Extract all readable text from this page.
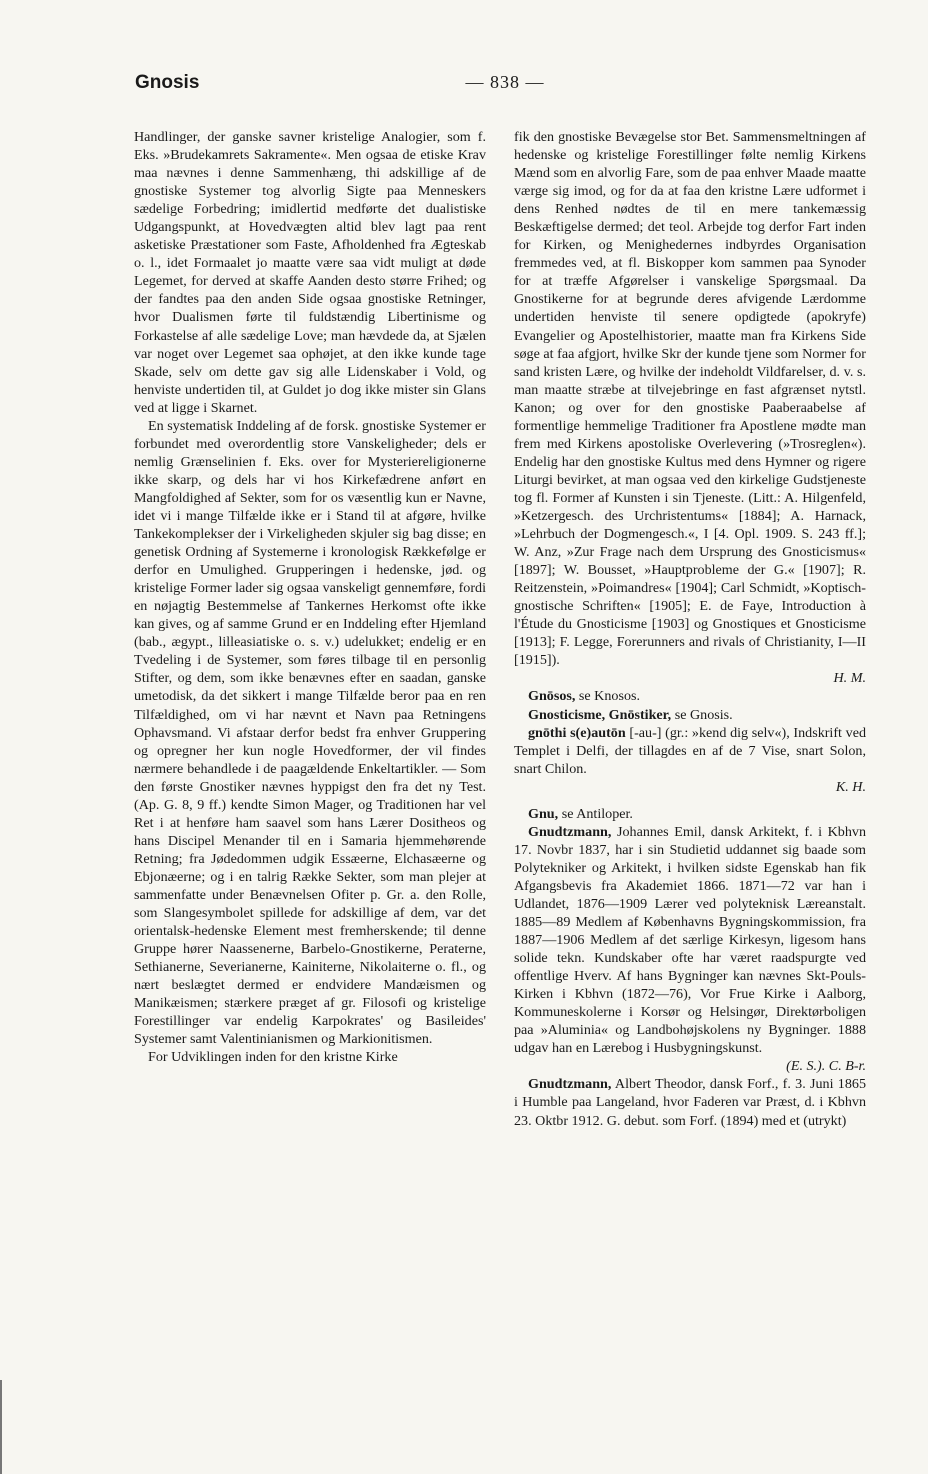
Gnosis	— 838 —

Handlinger, der ganske savner kristelige Analogier, som f. Eks. »Brudekamrets Sakramente«. Men ogsaa de etiske Krav maa nævnes i denne Sammenhæng, thi adskillige af de gnostiske Systemer tog alvorlig Sigte paa Menneskers sædelige Forbedring; imidlertid medførte det dualistiske Udgangspunkt, at Hovedvægten altid blev lagt paa rent asketiske Præstationer som Faste, Afholdenhed fra Ægteskab o. l., idet Formaalet jo maatte være saa vidt muligt at døde Legemet, for derved at skaffe Aanden desto større Frihed; og der fandtes paa den anden Side ogsaa gnostiske Retninger, hvor Dualismen førte til fuldstændig Libertinisme og Forkastelse af alle sædelige Love; man hævdede da, at Sjælen var noget over Legemet saa ophøjet, at den ikke kunde tage Skade, selv om dette gav sig alle Lidenskaber i Vold, og henviste undertiden til, at Guldet jo dog ikke mister sin Glans ved at ligge i Skarnet.

En systematisk Inddeling af de forsk. gnostiske Systemer er forbundet med overordentlig store Vanskeligheder; dels er nemlig Grænselinien f. Eks. over for Mysteriereligionerne ikke skarp, og dels har vi hos Kirkefædrene anført en Mangfoldighed af Sekter, som for os væsentlig kun er Navne, idet vi i mange Tilfælde ikke er i Stand til at afgøre, hvilke Tankekomplekser der i Virkeligheden skjuler sig bag disse; en genetisk Ordning af Systemerne i kronologisk Rækkefølge er derfor en Umulighed. Grupperingen i hedenske, jød. og kristelige Former lader sig ogsaa vanskeligt gennemføre, fordi en nøjagtig Bestemmelse af Tankernes Herkomst ofte ikke kan gives, og af samme Grund er en Inddeling efter Hjemland (bab., ægypt., lilleasiatiske o. s. v.) udelukket; endelig er en Tvedeling i de Systemer, som føres tilbage til en personlig Stifter, og dem, som ikke benævnes efter en saadan, ganske umetodisk, da det sikkert i mange Tilfælde beror paa en ren Tilfældighed, om vi har nævnt et Navn paa Retningens Ophavsmand. Vi afstaar derfor bedst fra enhver Gruppering og opregner her kun nogle Hovedformer, der vil findes nærmere behandlede i de paagældende Enkeltartikler. — Som den første Gnostiker nævnes hyppigst den fra det ny Test. (Ap. G. 8, 9 ff.) kendte Simon Mager, og Traditionen har vel Ret i at henføre ham saavel som hans Lærer Dositheos og hans Discipel Menander til en i Samaria hjemmehørende Retning; fra Jødedommen udgik Essæerne, Elchasæerne og Ebjonæerne; og i en talrig Række Sekter, som man plejer at sammenfatte under Benævnelsen Ofiter p. Gr. a. den Rolle, som Slangesymbolet spillede for adskillige af dem, var det orientalsk-hedenske Element mest fremherskende; til denne Gruppe hører Naassenerne, Barbelo-Gnostikerne, Peraterne, Sethianerne, Severianerne, Kainiterne, Nikolaiterne o. fl., og nært beslægtet dermed er endvidere Mandæismen og Manikæismen; stærkere præget af gr. Filosofi og kristelige Forestillinger var endelig Karpokrates' og Basileides' Systemer samt Valentinianismen og Markionitismen.

For Udviklingen inden for den kristne Kirke

fik den gnostiske Bevægelse stor Bet. Sammensmeltningen af hedenske og kristelige Forestillinger følte nemlig Kirkens Mænd som en alvorlig Fare, som de paa enhver Maade maatte værge sig imod, og for da at faa den kristne Lære udformet i dens Renhed nødtes de til en mere tankemæssig Beskæftigelse dermed; det teol. Arbejde tog derfor Fart inden for Kirken, og Menighedernes indbyrdes Organisation fremmedes ved, at fl. Biskopper kom sammen paa Synoder for at træffe Afgørelser i vanskelige Spørgsmaal. Da Gnostikerne for at begrunde deres afvigende Lærdomme undertiden henviste til senere opdigtede (apokryfe) Evangelier og Apostelhistorier, maatte man fra Kirkens Side søge at faa afgjort, hvilke Skr der kunde tjene som Normer for sand kristen Lære, og hvilke der indeholdt Vildfarelser, d. v. s. man maatte stræbe at tilvejebringe en fast afgrænset nytstl. Kanon; og over for den gnostiske Paaberaabelse af formentlige hemmelige Traditioner fra Apostlene mødte man frem med Kirkens apostoliske Overlevering (»Trosreglen«). Endelig har den gnostiske Kultus med dens Hymner og rigere Liturgi bevirket, at man ogsaa ved den kirkelige Gudstjeneste tog fl. Former af Kunsten i sin Tjeneste. (Litt.: A. Hilgenfeld, »Ketzergesch. des Urchristentums« [1884]; A. Harnack, »Lehrbuch der Dogmengesch.«, I [4. Opl. 1909. S. 243 ff.]; W. Anz, »Zur Frage nach dem Ursprung des Gnosticismus« [1897]; W. Bousset, »Hauptprobleme der G.« [1907]; R. Reitzenstein, »Poimandres« [1904]; Carl Schmidt, »Koptisch-gnostische Schriften« [1905]; E. de Faye, Introduction à l'Étude du Gnosticisme [1903] og Gnostiques et Gnosticisme [1913]; F. Legge, Forerunners and rivals of Christianity, I—II [1915]).
H. M.

Gnōsos, se Knosos.

Gnosticisme, Gnōstiker, se Gnosis.

gnōthi s(e)autōn [-au-] (gr.: »kend dig selv«), Indskrift ved Templet i Delfi, der tillagdes en af de 7 Vise, snart Solon, snart Chilon.
K. H.

Gnu, se Antiloper.

Gnudtzmann, Johannes Emil, dansk Arkitekt, f. i Kbhvn 17. Novbr 1837, har i sin Studietid uddannet sig baade som Polytekniker og Arkitekt, i hvilken sidste Egenskab han fik Afgangsbevis fra Akademiet 1866. 1871—72 var han i Udlandet, 1876—1909 Lærer ved polyteknisk Læreanstalt. 1885—89 Medlem af Københavns Bygningskommission, fra 1887—1906 Medlem af det særlige Kirkesyn, ligesom hans solide tekn. Kundskaber ofte har været raadspurgte ved offentlige Hverv. Af hans Bygninger kan nævnes Skt-Pouls-Kirken i Kbhvn (1872—76), Vor Frue Kirke i Aalborg, Kommuneskolerne i Korsør og Helsingør, Direktørboligen paa »Aluminia« og Landbohøjskolens ny Bygninger. 1888 udgav han en Lærebog i Husbygningskunst.
(E. S.). C. B-r.

Gnudtzmann, Albert Theodor, dansk Forf., f. 3. Juni 1865 i Humble paa Langeland, hvor Faderen var Præst, d. i Kbhvn 23. Oktbr 1912. G. debut. som Forf. (1894) med et (utrykt)
